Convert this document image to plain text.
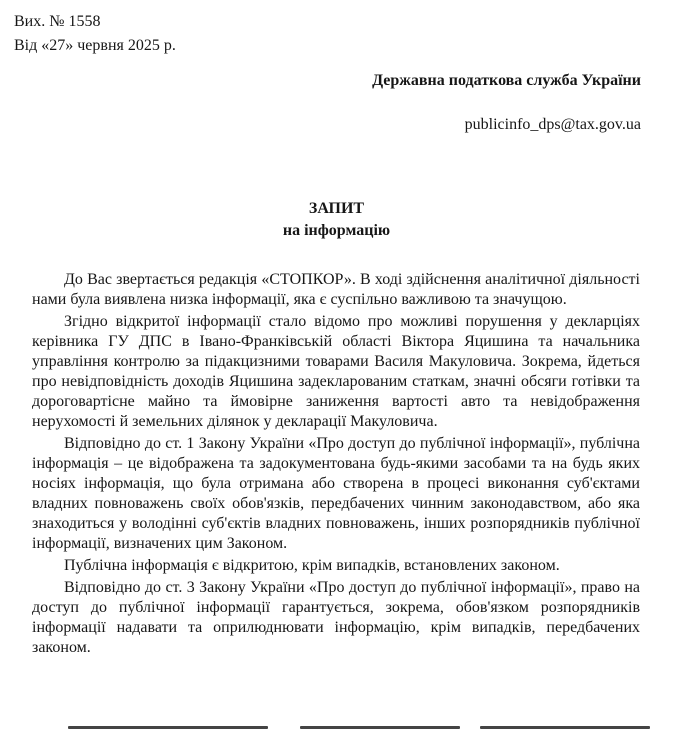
Вих. № 1558
Від «27» червня 2025 р.
Державна податкова служба України
publicinfo_dps@tax.gov.ua
ЗАПИТ
на інформацію

До Вас звертається редакція «СТОПКОР». В ході здійснення аналітичної діяльності нами була виявлена низка інформації, яка є суспільно важливою та значущою.

Згідно відкритої інформації стало відомо про можливі порушення у декларціях керівника ГУ ДПС в Івано-Франківській області Віктора Яцишина та начальника управління контролю за підакцизними товарами Василя Макуловича. Зокрема, йдеться про невідповідність доходів Яцишина задекларованим статкам, значні обсяги готівки та дороговартісне майно та ймовірне заниження вартості авто та невідображення нерухомості й земельних ділянок у декларації Макуловича.

Відповідно до ст. 1 Закону України «Про доступ до публічної інформації», публічна інформація – це відображена та задокументована будь-якими засобами та на будь яких носіях інформація, що була отримана або створена в процесі виконання суб'єктами владних повноважень своїх обов'язків, передбачених чинним законодавством, або яка знаходиться у володінні суб'єктів владних повноважень, інших розпорядників публічної інформації, визначених цим Законом.

Публічна інформація є відкритою, крім випадків, встановлених законом.

Відповідно до ст. 3 Закону України «Про доступ до публічної інформації», право на доступ до публічної інформації гарантується, зокрема, обов'язком розпорядників інформації надавати та оприлюднювати інформацію, крім випадків, передбачених законом.
